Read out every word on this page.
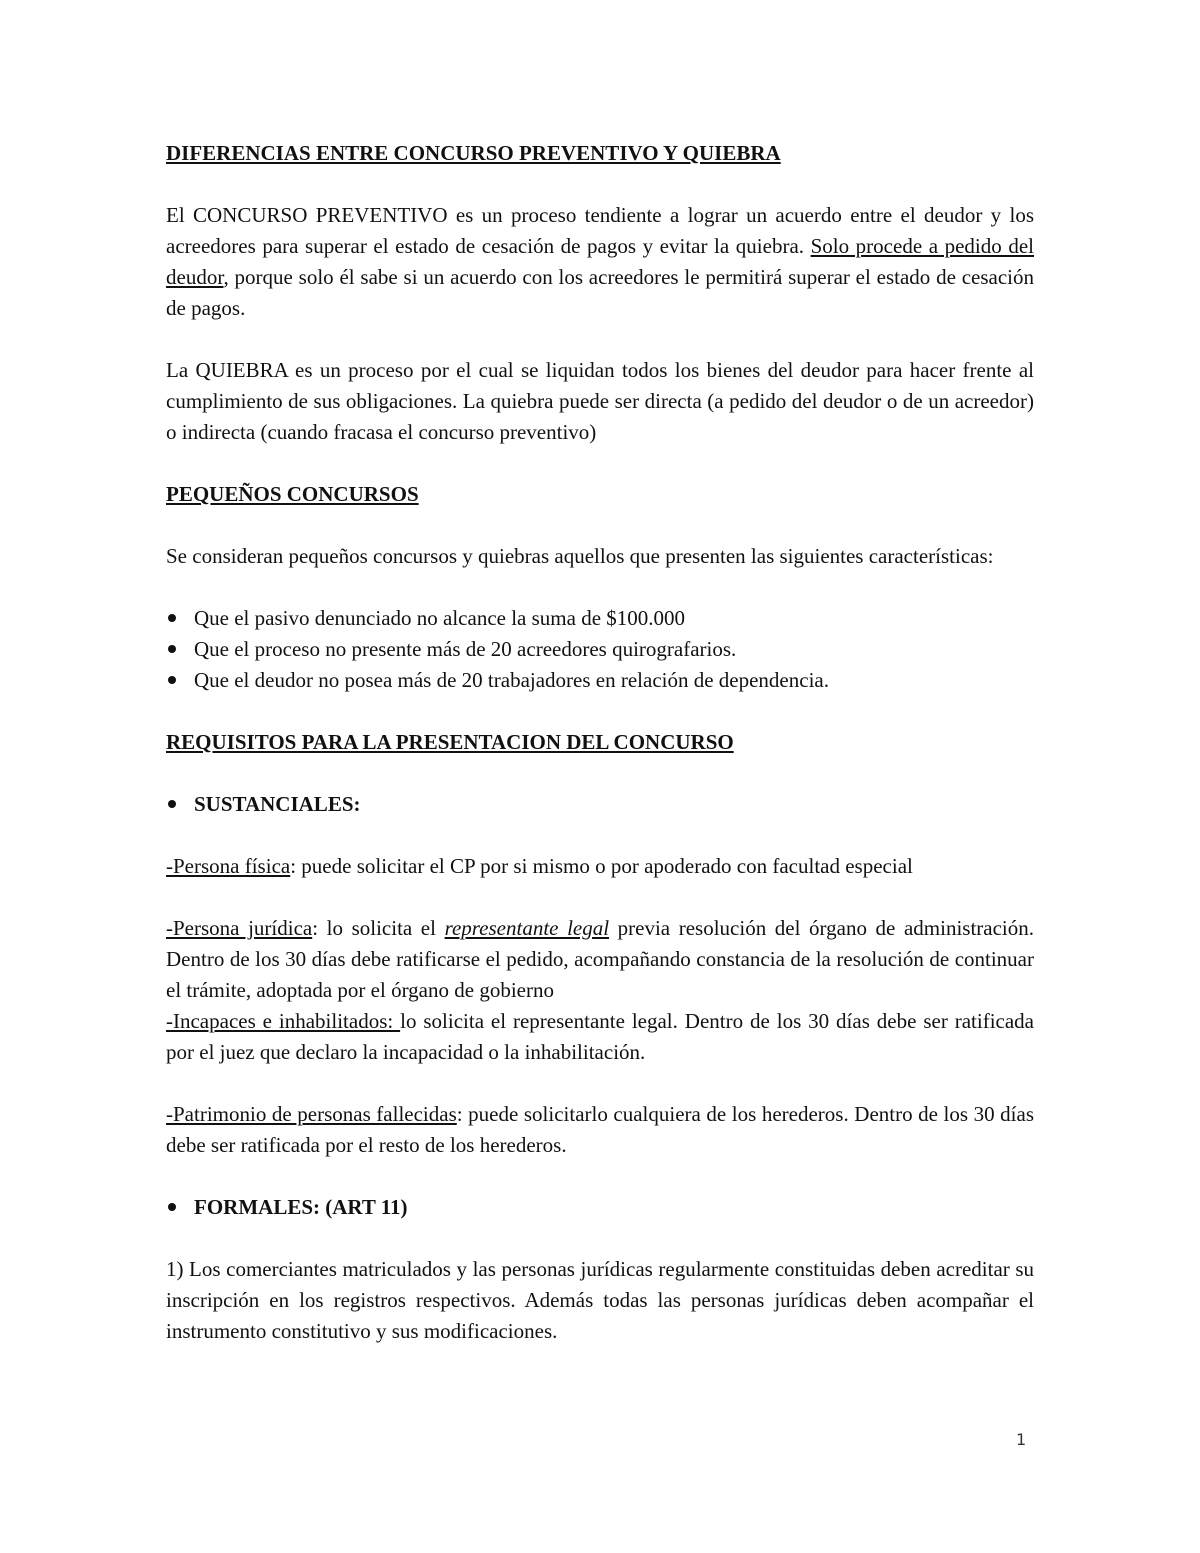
DIFERENCIAS ENTRE CONCURSO PREVENTIVO Y QUIEBRA

El CONCURSO PREVENTIVO es un proceso tendiente a lograr un acuerdo entre el deudor y los acreedores para superar el estado de cesación de pagos y evitar la quiebra. Solo procede a pedido del deudor, porque solo él sabe si un acuerdo con los acreedores le permitirá superar el estado de cesación de pagos.

La QUIEBRA es un proceso por el cual se liquidan todos los bienes del deudor para hacer frente al cumplimiento de sus obligaciones. La quiebra puede ser directa (a pedido del deudor o de un acreedor) o indirecta (cuando fracasa el concurso preventivo)

PEQUEÑOS CONCURSOS

Se consideran pequeños concursos y quiebras aquellos que presenten las siguientes características:

Que el pasivo denunciado no alcance la suma de $100.000
Que el proceso no presente más de 20 acreedores quirografarios.
Que el deudor no posea más de 20 trabajadores en relación de dependencia.

REQUISITOS PARA LA PRESENTACION DEL CONCURSO

SUSTANCIALES:

-Persona física: puede solicitar el CP por si mismo o por apoderado con facultad especial

-Persona jurídica: lo solicita el representante legal previa resolución del órgano de administración. Dentro de los 30 días debe ratificarse el pedido, acompañando constancia de la resolución de continuar el trámite, adoptada por el órgano de gobierno

-Incapaces e inhabilitados: lo solicita el representante legal. Dentro de los 30 días debe ser ratificada por el juez que declaro la incapacidad o la inhabilitación.

-Patrimonio de personas fallecidas: puede solicitarlo cualquiera de los herederos. Dentro de los 30 días debe ser ratificada por el resto de los herederos.

FORMALES: (ART 11)

1) Los comerciantes matriculados y las personas jurídicas regularmente constituidas deben acreditar su inscripción en los registros respectivos. Además todas las personas jurídicas deben acompañar el instrumento constitutivo y sus modificaciones.

1
